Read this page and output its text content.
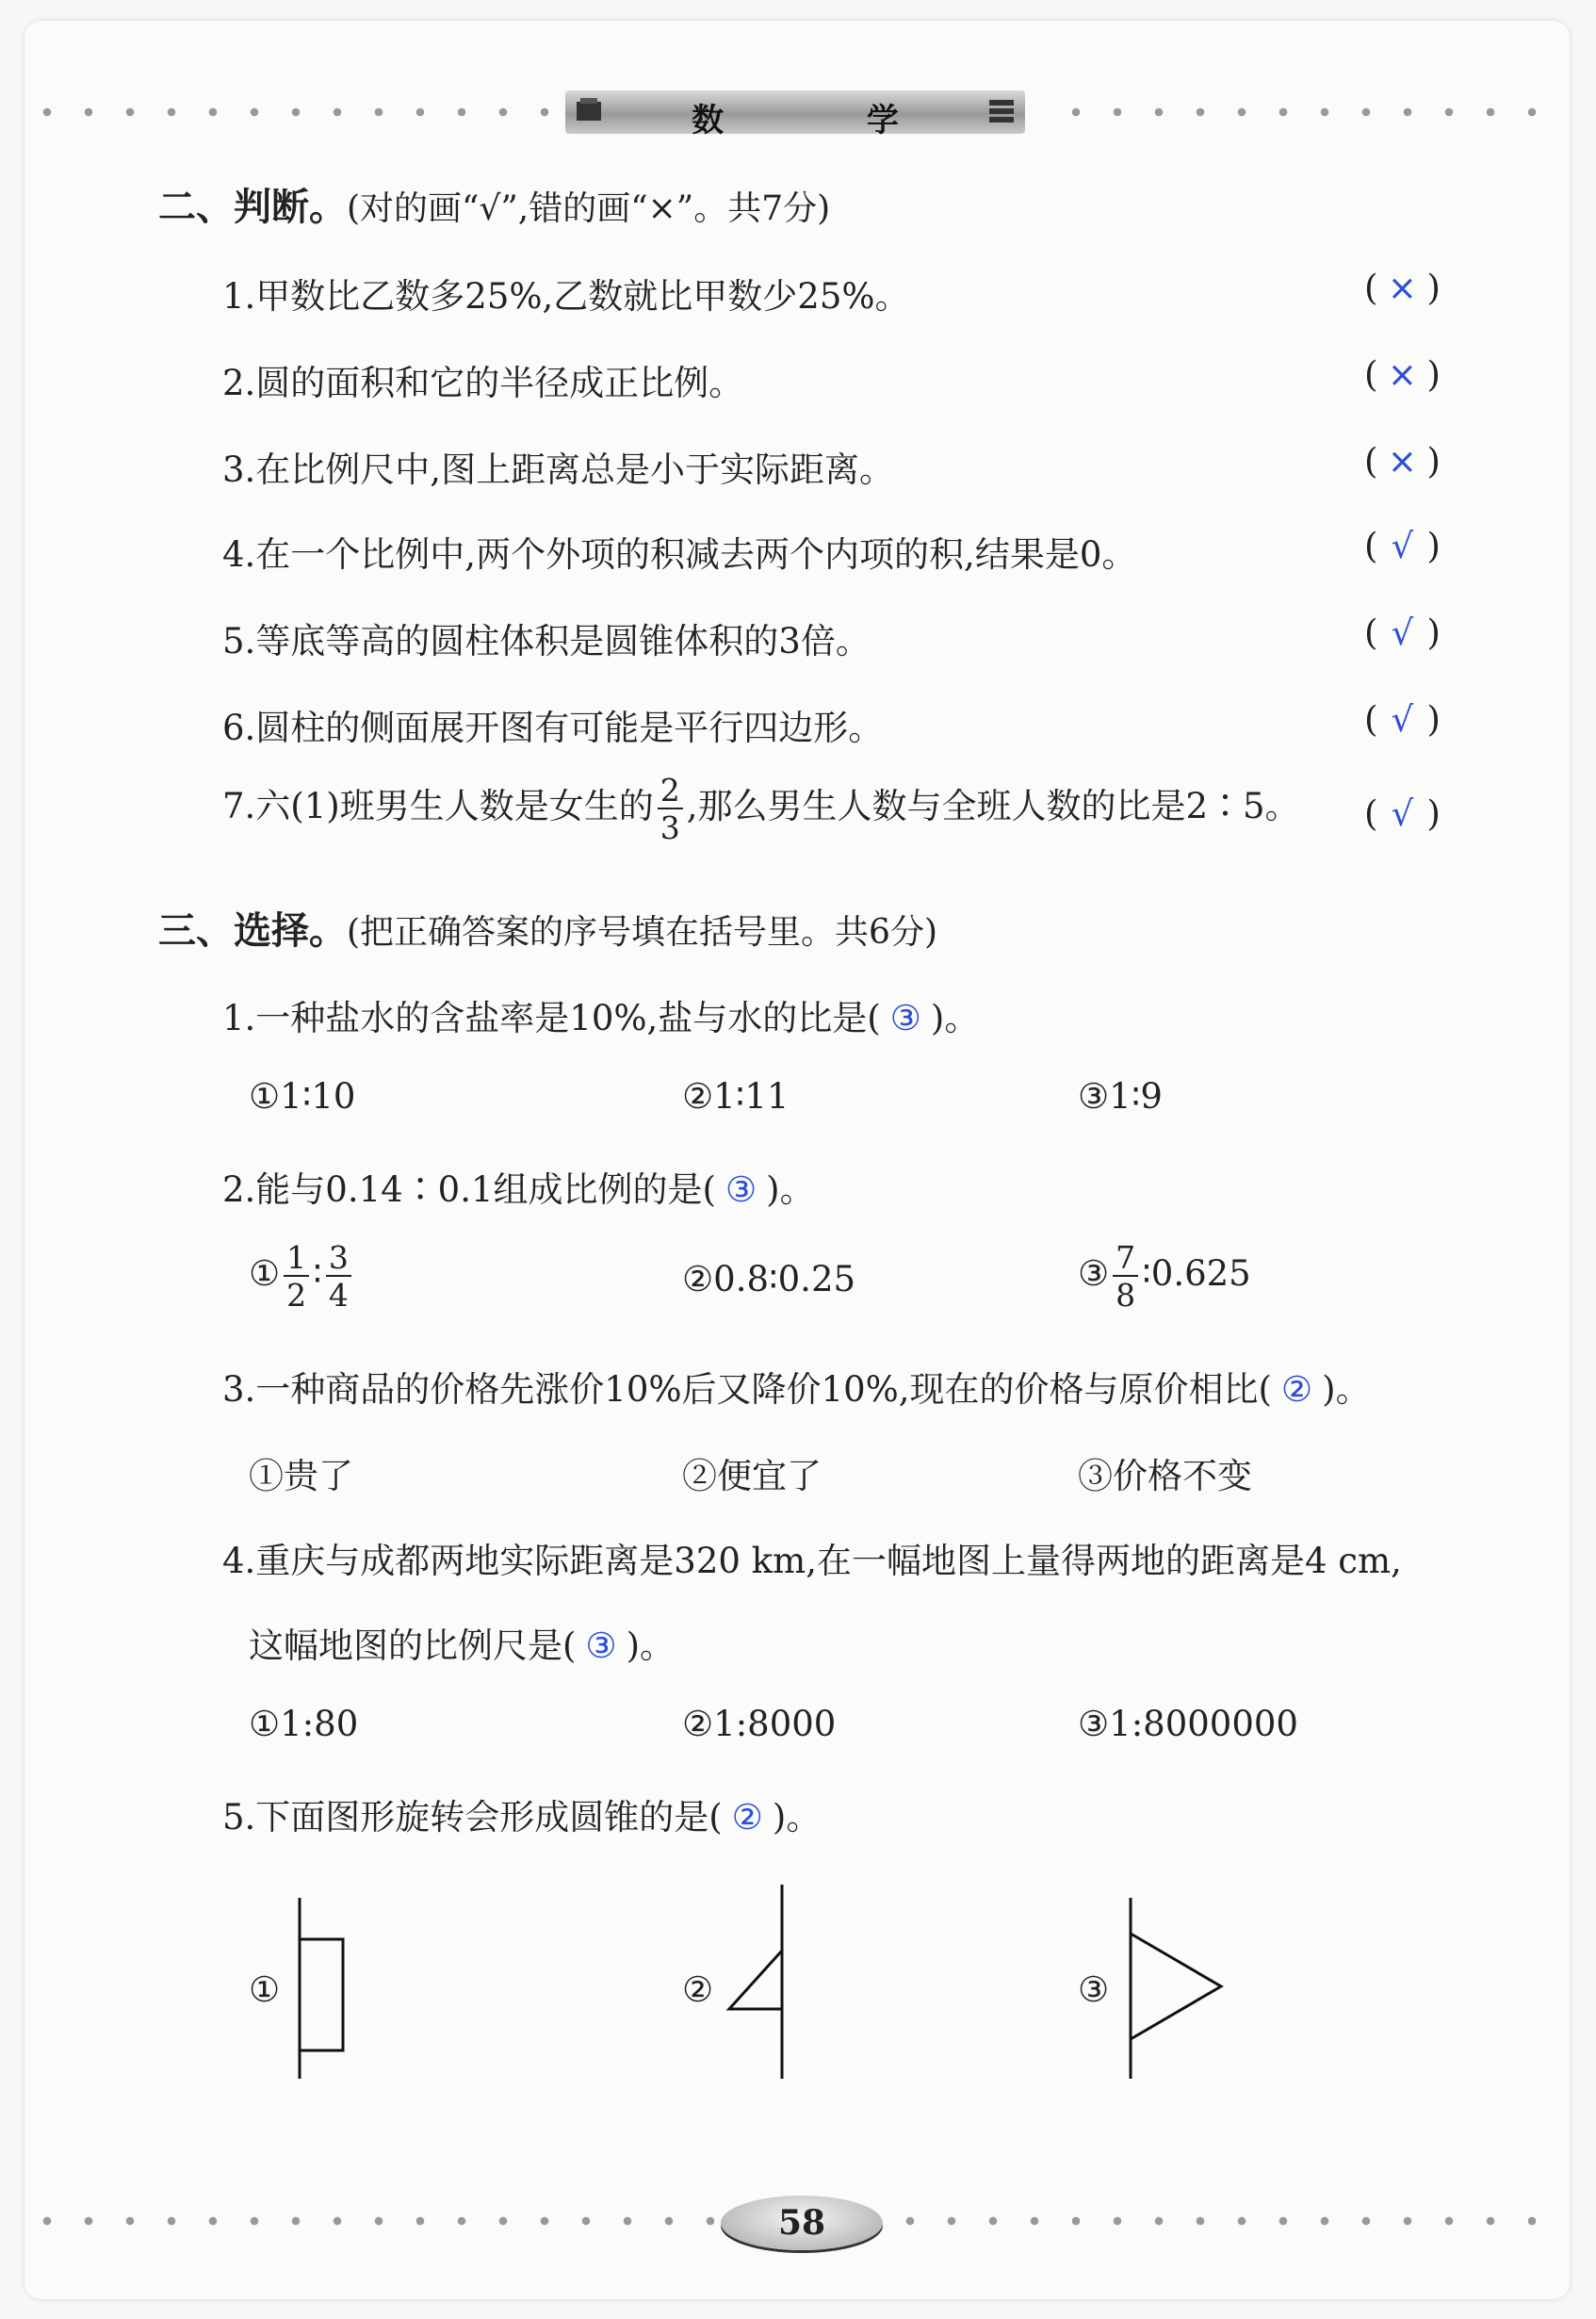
数 学
二、判断。(对的画“√”,错的画“×”。共7分)
1.甲数比乙数多25%,乙数就比甲数少25%。	( × )
2.圆的面积和它的半径成正比例。	( × )
3.在比例尺中,图上距离总是小于实际距离。	( × )
4.在一个比例中,两个外项的积减去两个内项的积,结果是0。	( √ )
5.等底等高的圆柱体积是圆锥体积的3倍。	( √ )
6.圆柱的侧面展开图有可能是平行四边形。	( √ )
7.六(1)班男生人数是女生的 $\frac{2}{3}$ ,那么男生人数与全班人数的比是2∶5。 ( √ )
三、选择。(把正确答案的序号填在括号里。共6分)
1.一种盐水的含盐率是10%,盐与水的比是( ③ )。
①1∶10	②1∶11	③1∶9
2.能与0.14∶0.1组成比例的是( ③ )。
① $\frac{1}{2}$ ∶ $\frac{3}{4}$	②0.8∶0.25	③ $\frac{7}{8}$ ∶0.625
3.一种商品的价格先涨价10%后又降价10%,现在的价格与原价相比( ② )。
①贵了	②便宜了	③价格不变
4.重庆与成都两地实际距离是320 km,在一幅地图上量得两地的距离是4 cm,
这幅地图的比例尺是( ③ )。
①1:80	②1:8000	③1:8000000
5.下面图形旋转会形成圆锥的是( ② )。
①	②	③
58
